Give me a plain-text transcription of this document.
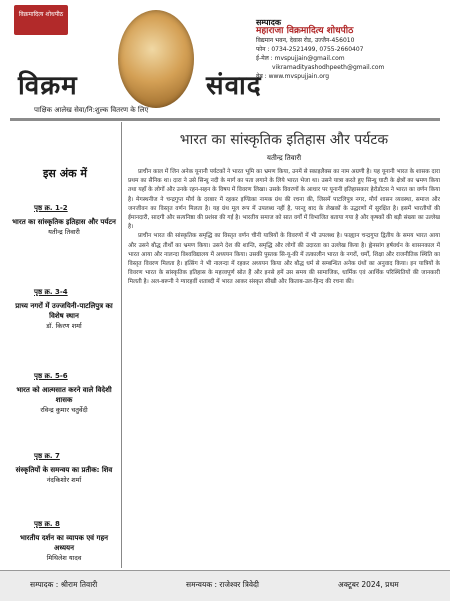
विक्रमादित्य शोधपीठ
विक्रम	संवाद
पाक्षिक आलेख सेवा/नि:शुल्क वितरण के लिए
सम्पादक
महाराजा विक्रमादित्य शोधपीठ
विद्यमान भवन, देवास रोड, उज्जैन-456010
फोन : 0734-2521499, 0755-2660407
ई-मेल : mvspujjain@gmail.com
vikramadityashodhpeeth@gmail.com
वेब : www.mvspujjain.org
इस अंक में
पृष्ठ क्र. 1-2
भारत का सांस्कृतिक इतिहास और पर्यटन
यतीन्द्र तिवारी
पृष्ठ क्र. 3-4
प्राच्य नगरों में उज्जयिनी-पाटलिपुत्र का विशेष स्थान
डॉ. किरण शर्मा
पृष्ठ क्र. 5-6
भारत को आत्मसात करने वाले विदेशी शासक
रविन्द्र कुमार चतुर्वेदी
पृष्ठ क्र. 7
संस्कृतियों के समन्वय का प्रतीक: शिव
नंदकिशोर शर्मा
पृष्ठ क्र. 8
भारतीय दर्शन का व्यापक एवं गहन अध्ययन
मिथिलेश यादव
भारत का सांस्कृतिक इतिहास और पर्यटक
यतीन्द्र तिवारी

प्राचीन काल में जिन अनेक यूनानी पर्यटकों ने भारत भूमि का भ्रमण किया, उनमें से स्काइलैक्स का नाम अग्रणी है। यह यूनानी भारत के शासक दारा प्रथम का सैनिक था। दारा ने उसे सिन्धु नदी के मार्ग का पता लगाने के लिये भारत भेजा था। उसने यात्रा करते हुए सिन्धु घाटी के क्षेत्रों का भ्रमण किया तथा यहाँ के लोगों और उनके रहन-सहन के विषय में विवरण लिखा। उसके विवरणों के आधार पर यूनानी इतिहासकार हेरोडोटस ने भारत का वर्णन किया है। मेगस्थनीज ने चन्द्रगुप्त मौर्य के दरबार में रहकर इण्डिका नामक ग्रंथ की रचना की, जिसमें पाटलिपुत्र नगर, मौर्य शासन व्यवस्था, समाज और जनजीवन का विस्तृत वर्णन मिलता है। यह ग्रंथ मूल रूप में उपलब्ध नहीं है, परन्तु बाद के लेखकों के उद्धरणों में सुरक्षित है। इसमें भारतीयों की ईमानदारी, सादगी और सत्यनिष्ठा की प्रशंसा की गई है। भारतीय समाज को सात वर्गों में विभाजित बताया गया है और कृषकों की बड़ी संख्या का उल्लेख है।

प्राचीन भारत की सांस्कृतिक समृद्धि का विस्तृत वर्णन चीनी यात्रियों के विवरणों में भी उपलब्ध है। फाह्यान चन्द्रगुप्त द्वितीय के समय भारत आया और उसने बौद्ध तीर्थों का भ्रमण किया। उसने देश की शान्ति, समृद्धि और लोगों की उदारता का उल्लेख किया है। ह्वेनसांग हर्षवर्धन के शासनकाल में भारत आया और नालन्दा विश्वविद्यालय में अध्ययन किया। उसकी पुस्तक सि-यू-की में तत्कालीन भारत के नगरों, धर्मों, शिक्षा और राजनीतिक स्थिति का विस्तृत विवरण मिलता है। इत्सिंग ने भी नालन्दा में रहकर अध्ययन किया और बौद्ध धर्म से सम्बन्धित अनेक ग्रंथों का अनुवाद किया। इन यात्रियों के विवरण भारत के सांस्कृतिक इतिहास के महत्त्वपूर्ण स्रोत हैं और इनसे हमें उस समय की सामाजिक, धार्मिक एवं आर्थिक परिस्थितियों की जानकारी मिलती है। अल-बरूनी ने ग्यारहवीं शताब्दी में भारत आकर संस्कृत सीखी और किताब-उल-हिन्द की रचना की।

सम्पादक : श्रीराम तिवारी	समन्वयक : राजेश्वर त्रिवेदी	अक्टूबर 2024, प्रथम
